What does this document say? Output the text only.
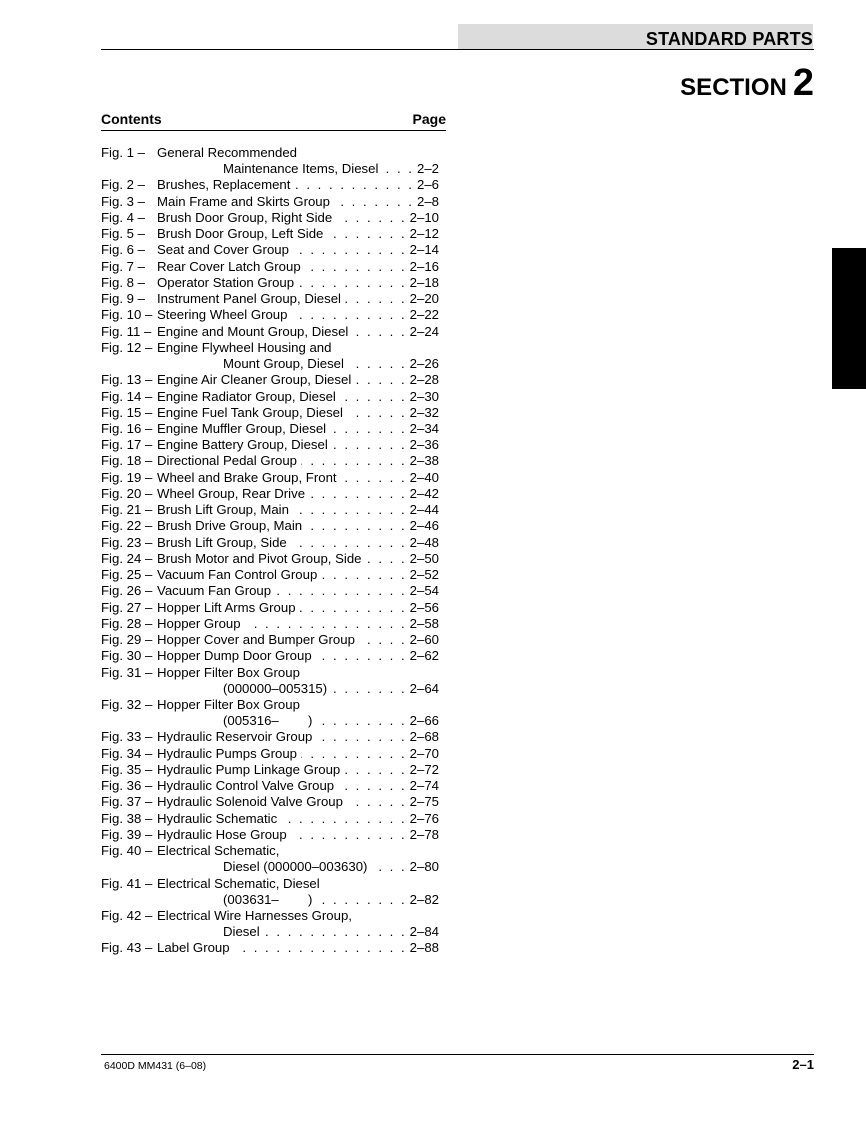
STANDARD PARTS
SECTION 2
Contents	Page
Fig. 1 – General Recommended
Maintenance Items, Diesel . . .	2–2
Fig. 2 – Brushes, Replacement . . .	2–6
Fig. 3 – Main Frame and Skirts Group . . .	2–8
Fig. 4 – Brush Door Group, Right Side . . .	2–10
Fig. 5 – Brush Door Group, Left Side . . .	2–12
Fig. 6 – Seat and Cover Group . . .	2–14
Fig. 7 – Rear Cover Latch Group . . .	2–16
Fig. 8 – Operator Station Group . . .	2–18
Fig. 9 – Instrument Panel Group, Diesel . . .	2–20
Fig. 10 – Steering Wheel Group . . .	2–22
Fig. 11 – Engine and Mount Group, Diesel . . .	2–24
Fig. 12 – Engine Flywheel Housing and
Mount Group, Diesel . . .	2–26
Fig. 13 – Engine Air Cleaner Group, Diesel . . .	2–28
Fig. 14 – Engine Radiator Group, Diesel . . .	2–30
Fig. 15 – Engine Fuel Tank Group, Diesel . . .	2–32
Fig. 16 – Engine Muffler Group, Diesel . . .	2–34
Fig. 17 – Engine Battery Group, Diesel . . .	2–36
Fig. 18 – Directional Pedal Group . . .	2–38
Fig. 19 – Wheel and Brake Group, Front . . .	2–40
Fig. 20 – Wheel Group, Rear Drive . . .	2–42
Fig. 21 – Brush Lift Group, Main . . .	2–44
Fig. 22 – Brush Drive Group, Main . . .	2–46
Fig. 23 – Brush Lift Group, Side . . .	2–48
Fig. 24 – Brush Motor and Pivot Group, Side . . .	2–50
Fig. 25 – Vacuum Fan Control Group . . .	2–52
Fig. 26 – Vacuum Fan Group . . .	2–54
Fig. 27 – Hopper Lift Arms Group . . .	2–56
Fig. 28 – Hopper Group . . .	2–58
Fig. 29 – Hopper Cover and Bumper Group . . .	2–60
Fig. 30 – Hopper Dump Door Group . . .	2–62
Fig. 31 – Hopper Filter Box Group
(000000–005315) . . .	2–64
Fig. 32 – Hopper Filter Box Group
(005316–        ) . . .	2–66
Fig. 33 – Hydraulic Reservoir Group . . .	2–68
Fig. 34 – Hydraulic Pumps Group . . .	2–70
Fig. 35 – Hydraulic Pump Linkage Group . . .	2–72
Fig. 36 – Hydraulic Control Valve Group . . .	2–74
Fig. 37 – Hydraulic Solenoid Valve Group . . .	2–75
Fig. 38 – Hydraulic Schematic . . .	2–76
Fig. 39 – Hydraulic Hose Group . . .	2–78
Fig. 40 – Electrical Schematic,
Diesel (000000–003630) . . .	2–80
Fig. 41 – Electrical Schematic, Diesel
(003631–        ) . . .	2–82
Fig. 42 – Electrical Wire Harnesses Group,
Diesel . . .	2–84
Fig. 43 – Label Group . . .	2–88
6400D MM431 (6–08)	2–1
